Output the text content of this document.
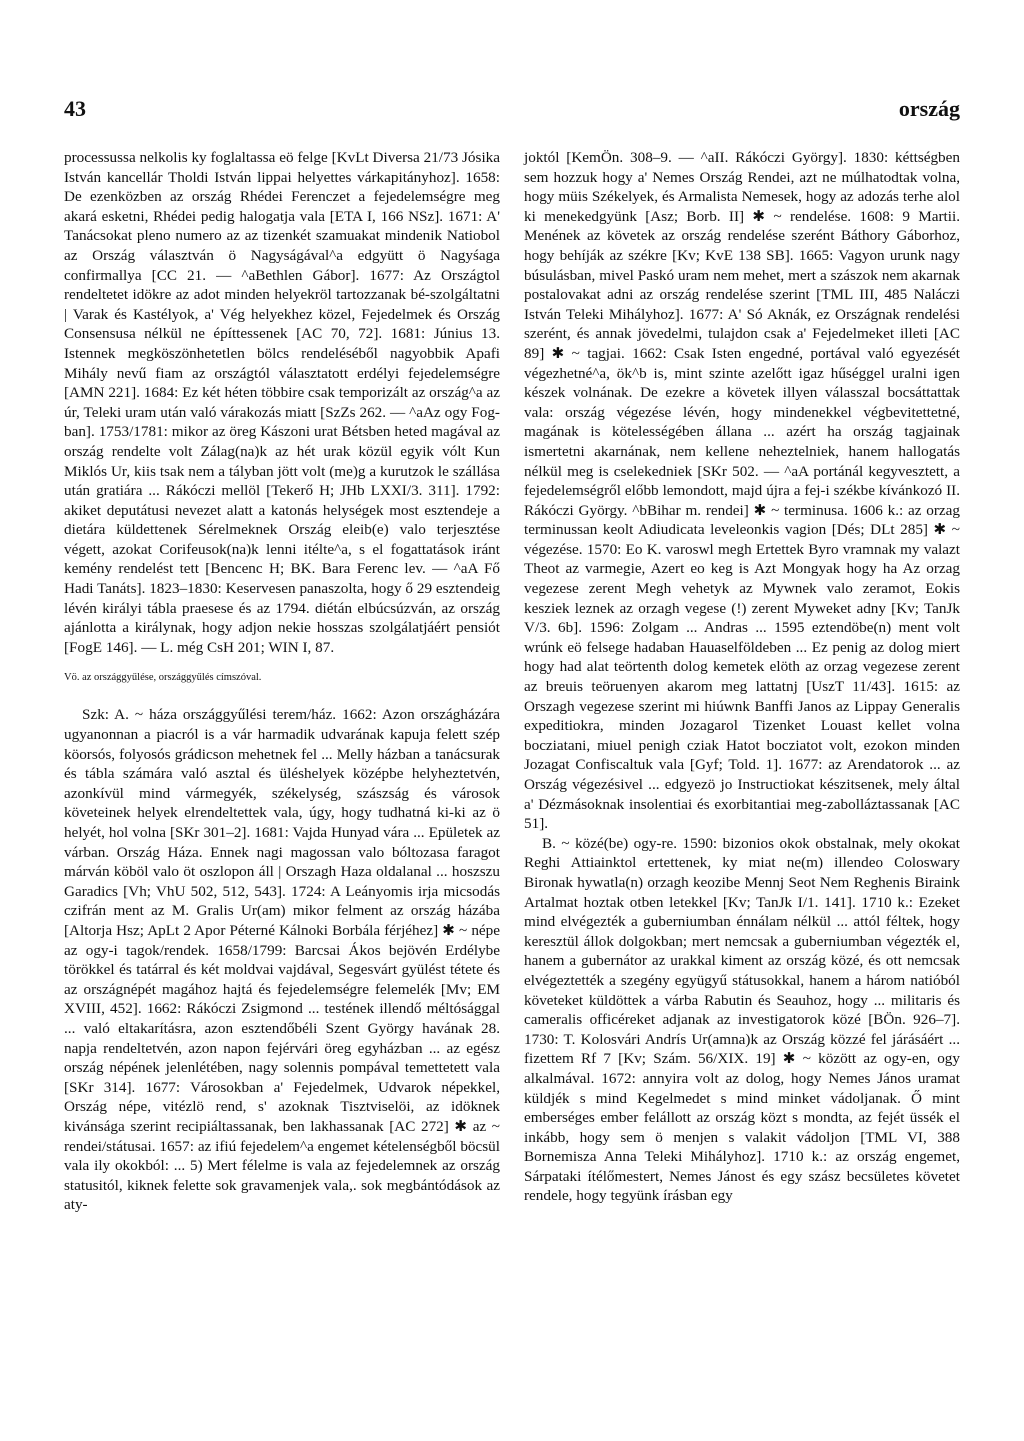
43	ország

processussa nelkolis ky foglaltassa eö felge [KvLt Diversa 21/73 Jósika István kancellár Tholdi István lippai helyettes várkapitányhoz]. 1658: De ezenközben az ország Rhédei Ferenczet a fejedelemségre meg akará esketni, Rhédei pedig halogatja vala [ETA I, 166 NSz]. 1671: A' Tanácsokat pleno numero az az tizenkét szamuakat mindenik Natiobol az Ország választván ö Nagyságával^a edgyütt ö Nagyśaga confirmallya [CC 21. — ^aBethlen Gábor]. 1677: Az Országtol rendeltetet idökre az adot minden helyekröl tartozzanak bé-szolgáltatni | Varak és Kastélyok, a' Vég helyekhez közel, Fejedelmek és Ország Consensusa nélkül ne építtessenek [AC 70, 72]. 1681: Június 13. Istennek megköszönhetetlen bölcs rendeléséből nagyobbik Apafi Mihály nevű fiam az országtól választatott erdélyi fejedelemségre [AMN 221]. 1684: Ez két héten többire csak temporizált az ország^a az úr, Teleki uram után való várakozás miatt [SzZs 262. — ^aAz ogy Fog-ban]. 1753/1781: mikor az öreg Kászoni urat Bétsben heted magával az ország rendelte volt Zálag(na)k az hét urak közül egyik vólt Kun Miklós Ur, kiis tsak nem a tályban jött volt (me)g a kurutzok le szállása után gratiára ... Rákóczi mellöl [Tekerő H; JHb LXXI/3. 311]. 1792: akiket deputátusi nevezet alatt a katonás helységek most esztendeje a dietára küldettenek Sérelmeknek Ország eleib(e) valo terjesztése végett, azokat Corifeusok(na)k lenni itélte^a, s el fogattatások iránt kemény rendelést tett [Bencenc H; BK. Bara Ferenc lev. — ^aA Fő Hadi Tanáts]. 1823–1830: Keservesen panaszolta, hogy ő 29 esztendeig lévén királyi tábla praesese és az 1794. diétán elbúcsúzván, az ország ajánlotta a királynak, hogy adjon nekie hosszas szolgálatjáért pensiót [FogE 146]. — L. még CsH 201; WIN I, 87.

Vö. az országgyűlése, országgyűlés címszóval.

Szk: A. ~ háza országgyűlési terem/ház. 1662: Azon országházára ugyanonnan a piacról is a vár harmadik udvarának kapuja felett szép köorsós, folyosós grádicson mehetnek fel ... Melly házban a tanácsurak és tábla számára való asztal és üléshelyek középbe helyheztetvén, azonkívül mind vármegyék, székelység, szászság és városok követeinek helyek elrendeltettek vala, úgy, hogy tudhatná ki-ki az ö helyét, hol volna [SKr 301–2]. 1681: Vajda Hunyad vára ... Epületek az várban. Ország Háza. Ennek nagi magossan valo bóltozasa faragot márván köböl valo öt oszlopon áll | Orszagh Haza oldalanal ... hoszszu Garadics [Vh; VhU 502, 512, 543]. 1724: A Leányomis irja micsodás czifrán ment az M. Gralis Ur(am) mikor felment az ország házába [Altorja Hsz; ApLt 2 Apor Péterné Kálnoki Borbála férjéhez] ✱ ~ népe az ogy-i tagok/rendek. 1658/1799: Barcsai Ákos bejövén Erdélybe törökkel és tatárral és két moldvai vajdával, Segesvárt gyülést tétete és az országnépét magához hajtá és fejedelemségre felemelék [Mv; EM XVIII, 452]. 1662: Rákóczi Zsigmond ... testének illendő méltósággal ... való eltakarításra, azon esztendőbéli Szent György havának 28. napja rendeltetvén, azon napon fejérvári öreg egyházban ... az egész ország népének jelenlétében, nagy solennis pompával temettetett vala [SKr 314]. 1677: Városokban a' Fejedelmek, Udvarok népekkel, Ország népe, vitézlö rend, s' azoknak Tisztviselöi, az idöknek kivánsága szerint recipiáltassanak, ben lakhassanak [AC 272] ✱ az ~ rendei/státusai. 1657: az ifiú fejedelem^a engemet kételenségből böcsül vala ily okokból: ... 5) Mert félelme is vala az fejedelemnek az ország statusitól, kiknek felette sok gravamenjek vala,. sok megbántódások az aty-

joktól [KemÖn. 308–9. — ^aII. Rákóczi György]. 1830: kéttségben sem hozzuk hogy a' Nemes Ország Rendei, azt ne múlhatodtak volna, hogy müis Székelyek, és Armalista Nemesek, hogy az adozás terhe alol ki menekedgyünk [Asz; Borb. II] ✱ ~ rendelése. 1608: 9 Martii. Menének az követek az ország rendelése szerént Báthory Gáborhoz, hogy behíják az székre [Kv; KvE 138 SB]. 1665: Vagyon urunk nagy búsulásban, mivel Paskó uram nem mehet, mert a szászok nem akarnak postalovakat adni az ország rendelése szerint [TML III, 485 Naláczi István Teleki Mihályhoz]. 1677: A' Só Aknák, ez Országnak rendelési szerént, és annak jövedelmi, tulajdon csak a' Fejedelmeket illeti [AC 89] ✱ ~ tagjai. 1662: Csak Isten engedné, portával való egyezését végezhetné^a, ök^b is, mint szinte azelőtt igaz hűséggel uralni igen készek volnának. De ezekre a követek illyen válasszal bocsáttattak vala: ország végezése lévén, hogy mindenekkel végbevitettetné, magának is kötelességében állana ... azért ha ország tagjainak ismertetni akarnának, nem kellene neheztelniek, hanem hallogatás nélkül meg is cselekedniek [SKr 502. — ^aA portánál kegyvesztett, a fejedelemségről előbb lemondott, majd újra a fej-i székbe kívánkozó II. Rákóczi György. ^bBihar m. rendei] ✱ ~ terminusa. 1606 k.: az orzag terminussan keolt Adiudicata leveleonkis vagion [Dés; DLt 285] ✱ ~ végezése. 1570: Eo K. varoswl megh Ertettek Byro vramnak my valazt Theot az varmegie, Azert eo keg is Azt Mongyak hogy ha Az orzag vegezese zerent Megh vehetyk az Mywnek valo zeramot, Eokis kesziek leznek az orzagh vegese (!) zerent Myweket adny [Kv; TanJk V/3. 6b]. 1596: Zolgam ... Andras ... 1595 eztendöbe(n) ment volt wrúnk eö felsege hadaban Hauaselföldeben ... Ez penig az dolog miert hogy had alat teörtenth dolog kemetek elöth az orzag vegezese zerent az breuis teöruenyen akarom meg lattatnj [UszT 11/43]. 1615: az Orszagh vegezese szerint mi hiúwnk Banffi Janos az Lippay Generalis expeditiokra, minden Jozagarol Tizenket Louast kellet volna bocziatani, miuel penigh cziak Hatot bocziatot volt, ezokon minden Jozagat Confiscaltuk vala [Gyf; Told. 1]. 1677: az Arendatorok ... az Ország végezésivel ... edgyezö jo Instructiokat készitsenek, mely által a' Dézmásoknak insolentiai és exorbitantiai meg-zabolláztassanak [AC 51].

B. ~ közé(be) ogy-re. 1590: bizonios okok obstalnak, mely okokat Reghi Attiainktol ertettenek, ky miat ne(m) illendeo Coloswary Bironak hywatla(n) orzagh keozibe Mennj Seot Nem Reghenis Biraink Artalmat hoztak otben letekkel [Kv; TanJk I/1. 141]. 1710 k.: Ezeket mind elvégezték a guberniumban énnálam nélkül ... attól féltek, hogy keresztül állok dolgokban; mert nemcsak a guberniumban végezték el, hanem a gubernátor az urakkal kiment az ország közé, és ott nemcsak elvégeztették a szegény együgyű státusokkal, hanem a három natióból követeket küldöttek a várba Rabutin és Seauhoz, hogy ... militaris és cameralis officéreket adjanak az investigatorok közé [BÖn. 926–7]. 1730: T. Kolosvári Andrís Ur(amna)k az Ország közzé fel járásáért ... fizettem Rf 7 [Kv; Szám. 56/XIX. 19] ✱ ~ között az ogy-en, ogy alkalmával. 1672: annyira volt az dolog, hogy Nemes János uramat küldjék s mind Kegelmedet s mind minket vádoljanak. Ő mint emberséges ember felállott az ország közt s mondta, az fejét üssék el inkább, hogy sem ö menjen s valakit vádoljon [TML VI, 388 Bornemisza Anna Teleki Mihályhoz]. 1710 k.: az ország engemet, Sárpataki ítélőmestert, Nemes Jánost és egy szász becsületes követet rendele, hogy tegyünk írásban egy
